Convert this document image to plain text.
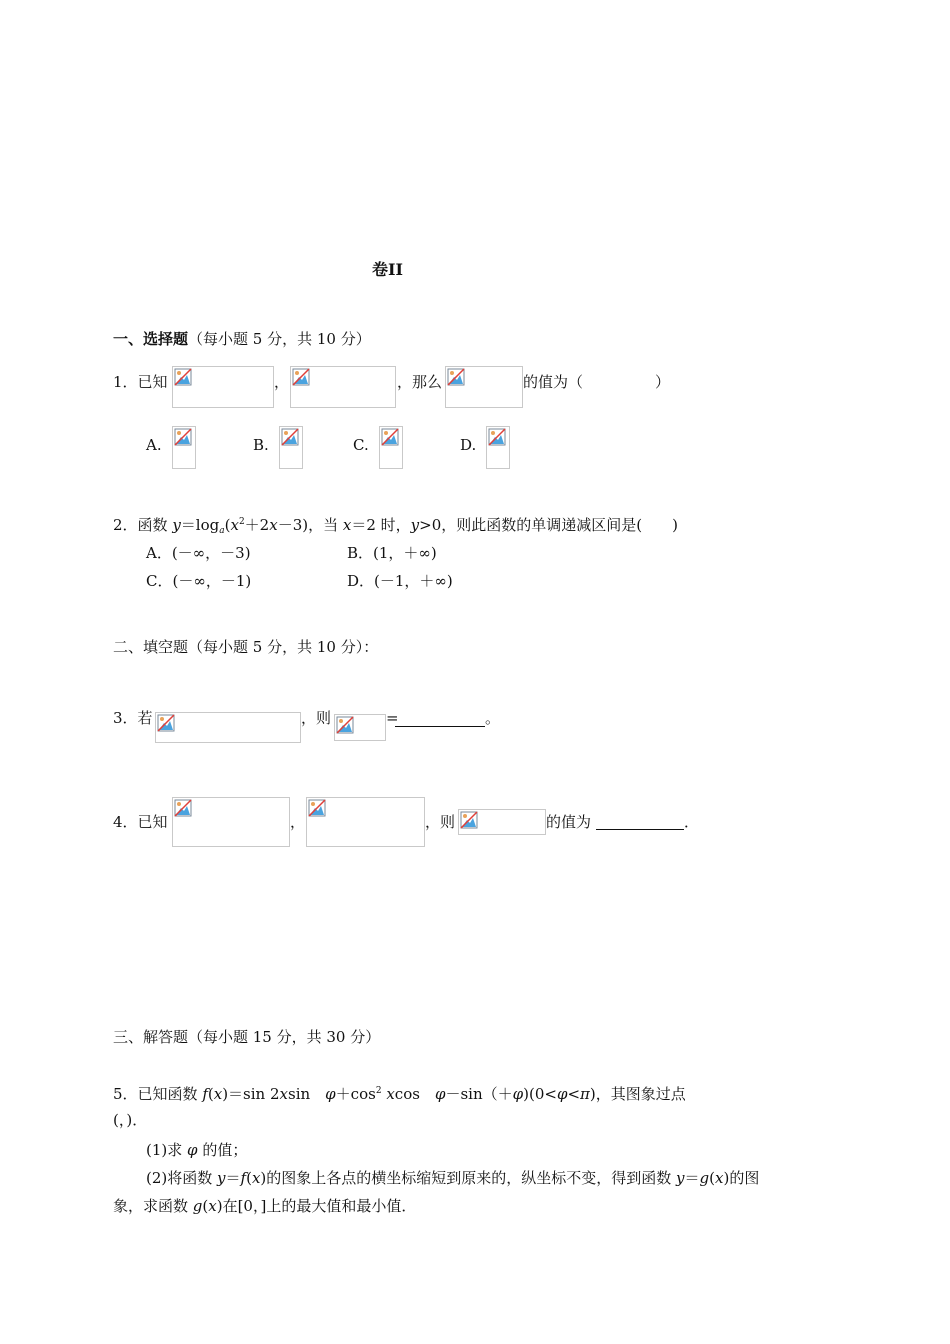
卷II
一、选择题（每小题 5 分，共 10 分）
1．已知	，	，那么	的值为（	）
A.	B.	C.	D.
2．函数 $y=\log_a(x^2+2x-3)$，当 x＝2 时，y>0，则此函数的单调递减区间是(　　)
A．(－∞，－3)	B．(1，＋∞)
C．(－∞，－1)	D．(－1，＋∞)
二、填空题（每小题 5 分，共 10 分）：
3．若	，则	=	。
4．已知	，	，则	的值为	．
三、解答题（每小题 15 分，共 30 分）
5．已知函数 f(x)＝sin 2xsin　$\varphi+\cos^2$ xcos　φ－sin（＋φ)(0<φ<π)，其图象过点
(，)．
(1)求 φ 的值；
(2)将函数 y＝f(x)的图象上各点的横坐标缩短到原来的，纵坐标不变，得到函数 y＝g(x)的图
象，求函数 g(x)在[0，]上的最大值和最小值．
